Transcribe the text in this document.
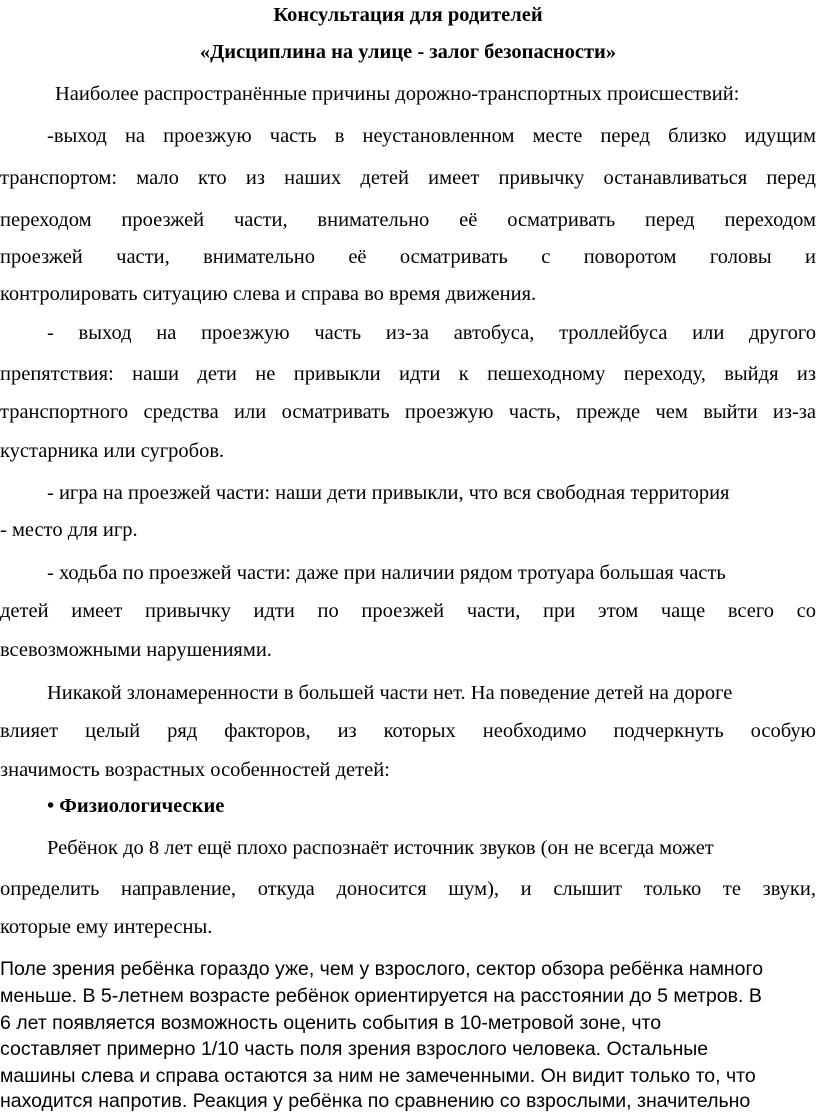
Консультация для родителей
«Дисциплина на улице - залог безопасности»
Наиболее распространённые причины дорожно-транспортных происшествий:
-выход на проезжую часть в неустановленном месте перед близко идущим
транспортом: мало кто из наших детей имеет привычку останавливаться перед
переходом проезжей части, внимательно её осматривать перед переходом
проезжей части, внимательно её осматривать с поворотом головы и
контролировать ситуацию слева и справа во время движения.
- выход на проезжую часть из-за автобуса, троллейбуса или другого
препятствия: наши дети не привыкли идти к пешеходному переходу, выйдя из
транспортного средства или осматривать проезжую часть, прежде чем выйти из-за
кустарника или сугробов.
- игра на проезжей части: наши дети привыкли, что вся свободная территория
- место для игр.
- ходьба по проезжей части: даже при наличии рядом тротуара большая часть
детей имеет привычку идти по проезжей части, при этом чаще всего со
всевозможными нарушениями.
Никакой злонамеренности в большей части нет. На поведение детей на дороге
влияет целый ряд факторов, из которых необходимо подчеркнуть особую
значимость возрастных особенностей детей:
• Физиологические
Ребёнок до 8 лет ещё плохо распознаёт источник звуков (он не всегда может
определить направление, откуда доносится шум), и слышит только те звуки,
которые ему интересны.
Поле зрения ребёнка гораздо уже, чем у взрослого, сектор обзора ребёнка намного
меньше. В 5-летнем возрасте ребёнок ориентируется на расстоянии до 5 метров. В
6 лет появляется возможность оценить события в 10-метровой зоне, что
составляет примерно 1/10 часть поля зрения взрослого человека. Остальные
машины слева и справа остаются за ним не замеченными. Он видит только то, что
находится напротив. Реакция у ребёнка по сравнению со взрослыми, значительно
